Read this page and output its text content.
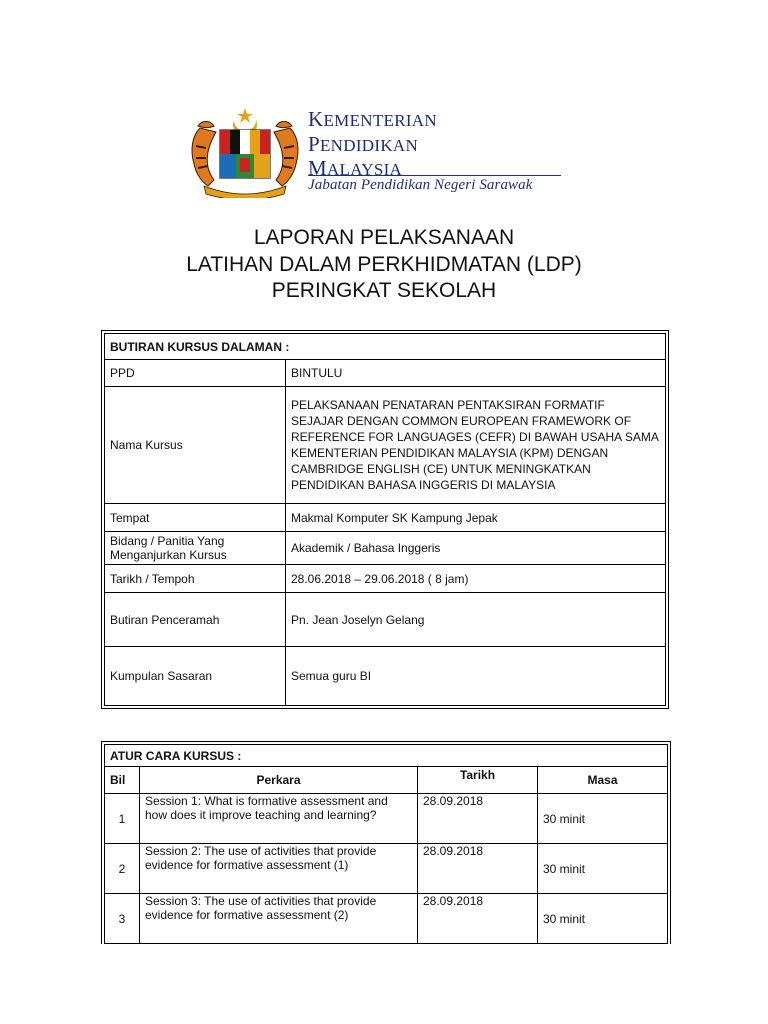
KEMENTERIAN
PENDIDIKAN
MALAYSIA
Jabatan Pendidikan Negeri Sarawak
LAPORAN PELAKSANAAN
LATIHAN DALAM PERKHIDMATAN (LDP)
PERINGKAT SEKOLAH
BUTIRAN KURSUS DALAMAN :	
PPD	BINTULU
Nama Kursus	PELAKSANAAN PENATARAN PENTAKSIRAN FORMATIF SEJAJAR DENGAN COMMON EUROPEAN FRAMEWORK OF REFERENCE FOR LANGUAGES (CEFR) DI BAWAH USAHA SAMA KEMENTERIAN PENDIDIKAN MALAYSIA (KPM) DENGAN CAMBRIDGE ENGLISH (CE) UNTUK MENINGKATKAN PENDIDIKAN BAHASA INGGERIS DI MALAYSIA
Tempat	Makmal Komputer SK Kampung Jepak
Bidang / Panitia Yang Menganjurkan Kursus	Akademik / Bahasa Inggeris
Tarikh / Tempoh	28.06.2018 – 29.06.2018 ( 8 jam)
Butiran Penceramah	Pn. Jean Joselyn Gelang
Kumpulan Sasaran	Semua guru BI
ATUR CARA KURSUS :			
Bil	Perkara	Tarikh	Masa
1	Session 1: What is formative assessment and how does it improve teaching and learning?	28.09.2018	30 minit
2	Session 2: The use of activities that provide evidence for formative assessment (1)	28.09.2018	30 minit
3	Session 3: The use of activities that provide evidence for formative assessment (2)	28.09.2018	30 minit
